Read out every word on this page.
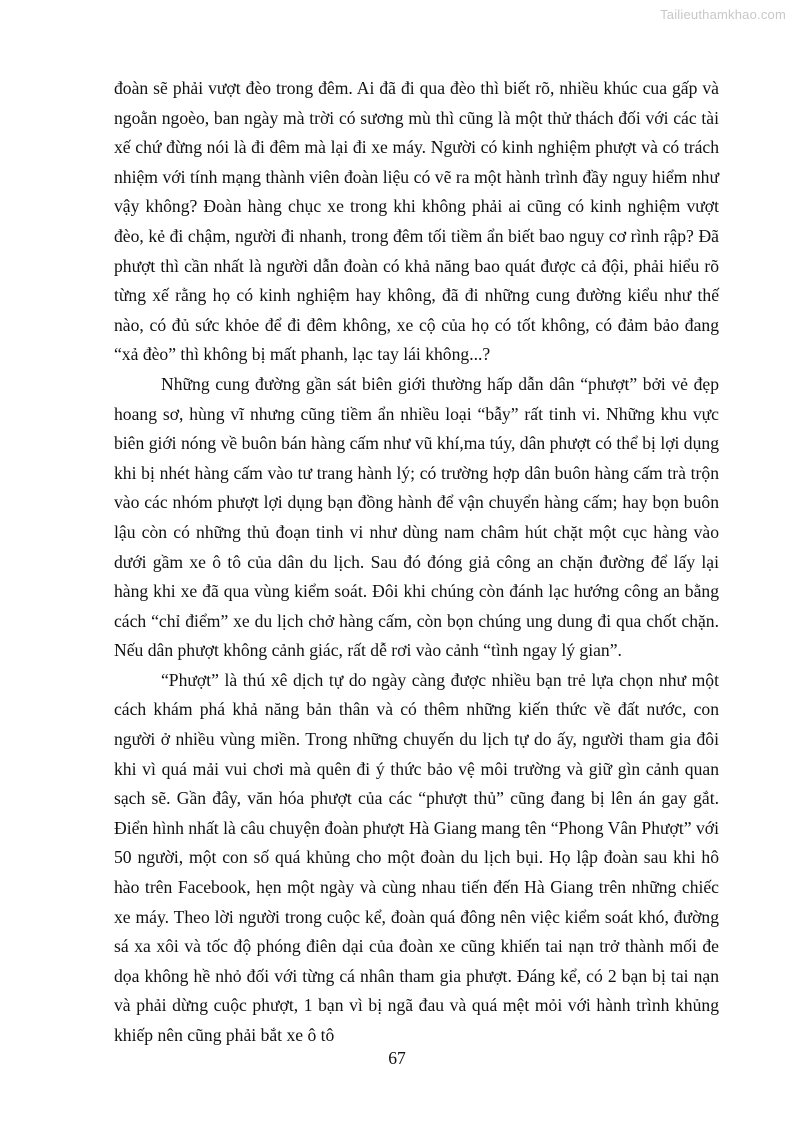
Tailieuthamkhao.com

đoàn sẽ phải vượt đèo trong đêm. Ai đã đi qua đèo thì biết rõ, nhiều khúc cua gấp và ngoằn ngoèo, ban ngày mà trời có sương mù thì cũng là một thử thách đối với các tài xế chứ đừng nói là đi đêm mà lại đi xe máy. Người có kinh nghiệm phượt và có trách nhiệm với tính mạng thành viên đoàn liệu có vẽ ra một hành trình đầy nguy hiểm như vậy không? Đoàn hàng chục xe trong khi không phải ai cũng có kinh nghiệm vượt đèo, kẻ đi chậm, người đi nhanh, trong đêm tối tiềm ẩn biết bao nguy cơ rình rập? Đã phượt thì cần nhất là người dẫn đoàn có khả năng bao quát được cả đội, phải hiểu rõ từng xế rằng họ có kinh nghiệm hay không, đã đi những cung đường kiểu như thế nào, có đủ sức khỏe để đi đêm không, xe cộ của họ có tốt không, có đảm bảo đang “xả đèo” thì không bị mất phanh, lạc tay lái không...?

Những cung đường gần sát biên giới thường hấp dẫn dân “phượt” bởi vẻ đẹp hoang sơ, hùng vĩ nhưng cũng tiềm ẩn nhiều loại “bẫy” rất tinh vi. Những khu vực biên giới nóng về buôn bán hàng cấm như vũ khí,ma túy, dân phượt có thể bị lợi dụng khi bị nhét hàng cấm vào tư trang hành lý; có trường hợp dân buôn hàng cấm trà trộn vào các nhóm phượt lợi dụng bạn đồng hành để vận chuyển hàng cấm; hay bọn buôn lậu còn có những thủ đoạn tinh vi như dùng nam châm hút chặt một cục hàng vào dưới gầm xe ô tô của dân du lịch. Sau đó đóng giả công an chặn đường để lấy lại hàng khi xe đã qua vùng kiểm soát. Đôi khi chúng còn đánh lạc hướng công an bằng cách “chỉ điểm” xe du lịch chở hàng cấm, còn bọn chúng ung dung đi qua chốt chặn. Nếu dân phượt không cảnh giác, rất dễ rơi vào cảnh “tình ngay lý gian”.

“Phượt” là thú xê dịch tự do ngày càng được nhiều bạn trẻ lựa chọn như một cách khám phá khả năng bản thân và có thêm những kiến thức về đất nước, con người ở nhiều vùng miền. Trong những chuyến du lịch tự do ấy, người tham gia đôi khi vì quá mải vui chơi mà quên đi ý thức bảo vệ môi trường và giữ gìn cảnh quan sạch sẽ. Gần đây, văn hóa phượt của các “phượt thủ” cũng đang bị lên án gay gắt. Điển hình nhất là câu chuyện đoàn phượt Hà Giang mang tên “Phong Vân Phượt” với 50 người, một con số quá khủng cho một đoàn du lịch bụi. Họ lập đoàn sau khi hô hào trên Facebook, hẹn một ngày và cùng nhau tiến đến Hà Giang trên những chiếc xe máy. Theo lời người trong cuộc kể, đoàn quá đông nên việc kiểm soát khó, đường sá xa xôi và tốc độ phóng điên dại của đoàn xe cũng khiến tai nạn trở thành mối đe dọa không hề nhỏ đối với từng cá nhân tham gia phượt. Đáng kể, có 2 bạn bị tai nạn và phải dừng cuộc phượt, 1 bạn vì bị ngã đau và quá mệt mỏi với hành trình khủng khiếp nên cũng phải bắt xe ô tô

67
